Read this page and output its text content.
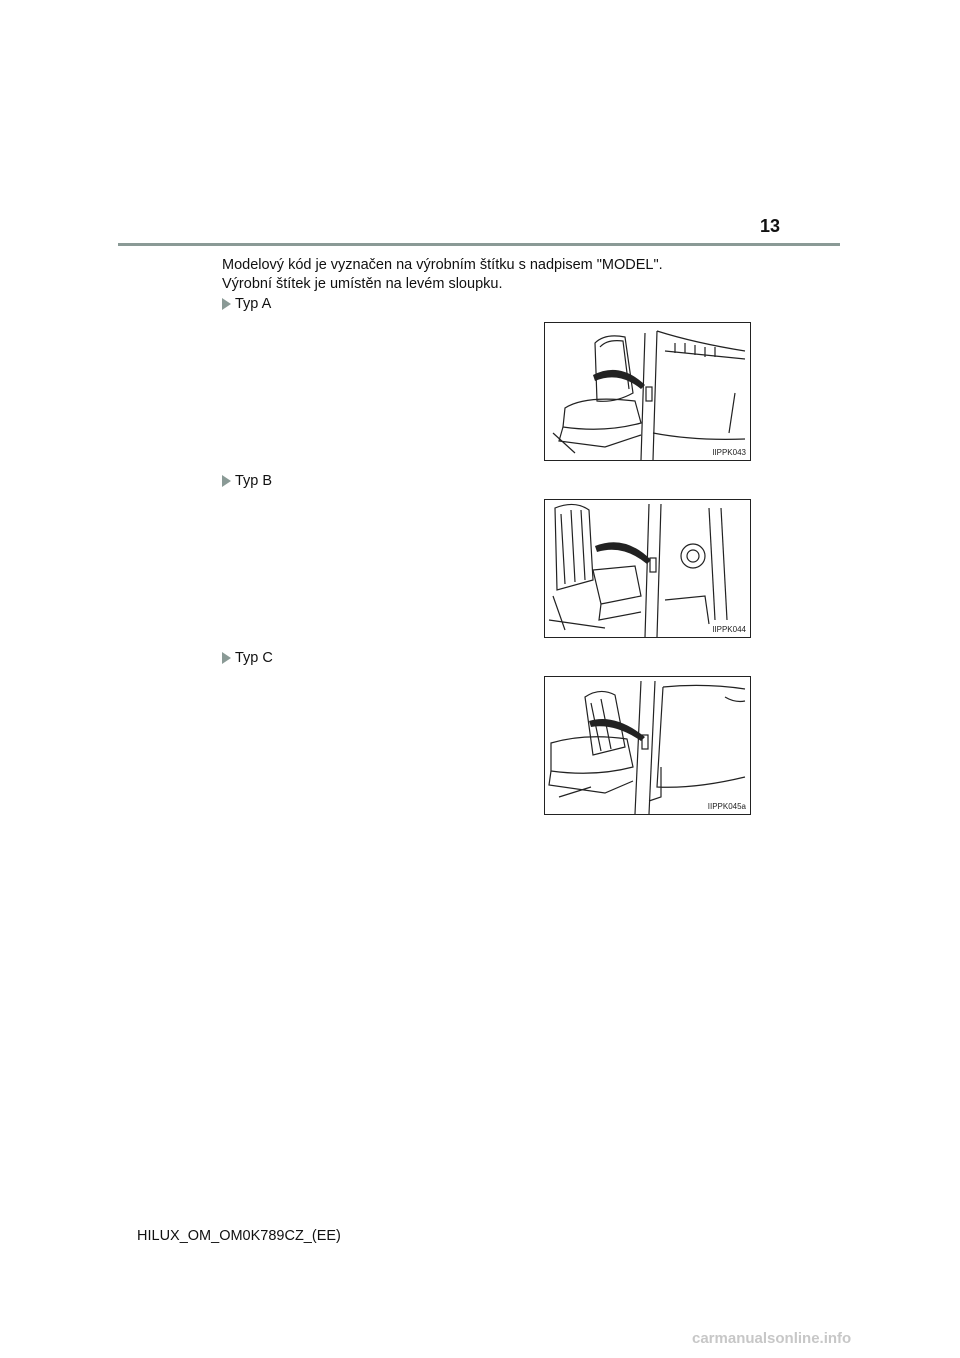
13
Modelový kód je vyznačen na výrobním štítku s nadpisem "MODEL".
Výrobní štítek je umístěn na levém sloupku.
Typ A
IIPPK043
Typ B
IIPPK044
Typ C
IIPPK045a
HILUX_OM_OM0K789CZ_(EE)
carmanualsonline.info
